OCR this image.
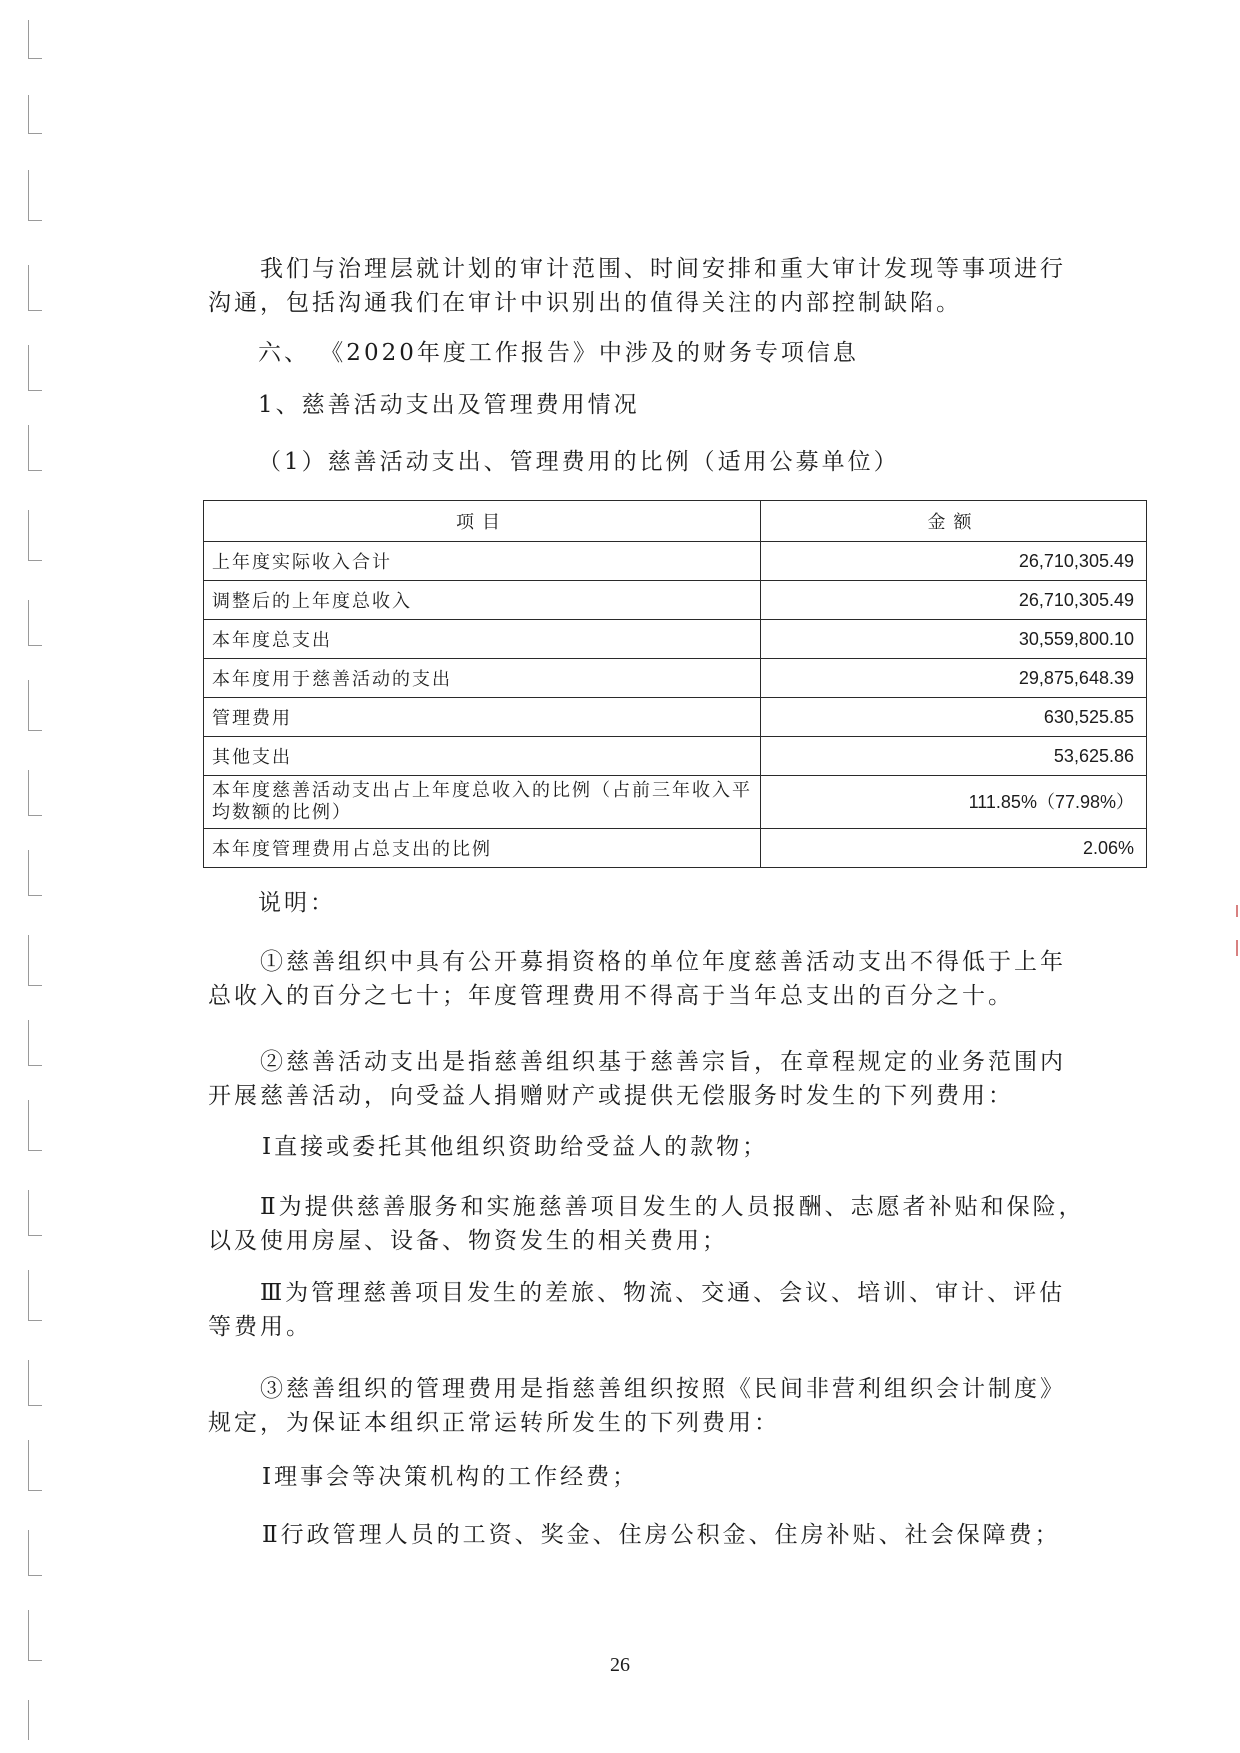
我们与治理层就计划的审计范围、时间安排和重大审计发现等事项进行沟通，包括沟通我们在审计中识别出的值得关注的内部控制缺陷。

六、 《2020年度工作报告》中涉及的财务专项信息
1、慈善活动支出及管理费用情况
（1）慈善活动支出、管理费用的比例（适用公募单位）
项目	金额
上年度实际收入合计	26,710,305.49
调整后的上年度总收入	26,710,305.49
本年度总支出	30,559,800.10
本年度用于慈善活动的支出	29,875,648.39
管理费用	630,525.85
其他支出	53,625.86
本年度慈善活动支出占上年度总收入的比例（占前三年收入平均数额的比例）	111.85%（77.98%）
本年度管理费用占总支出的比例	2.06%
说明：

①慈善组织中具有公开募捐资格的单位年度慈善活动支出不得低于上年总收入的百分之七十；年度管理费用不得高于当年总支出的百分之十。

②慈善活动支出是指慈善组织基于慈善宗旨，在章程规定的业务范围内开展慈善活动，向受益人捐赠财产或提供无偿服务时发生的下列费用：

Ⅰ直接或委托其他组织资助给受益人的款物；

Ⅱ为提供慈善服务和实施慈善项目发生的人员报酬、志愿者补贴和保险，以及使用房屋、设备、物资发生的相关费用；

Ⅲ为管理慈善项目发生的差旅、物流、交通、会议、培训、审计、评估等费用。

③慈善组织的管理费用是指慈善组织按照《民间非营利组织会计制度》规定，为保证本组织正常运转所发生的下列费用：

Ⅰ理事会等决策机构的工作经费；
Ⅱ行政管理人员的工资、奖金、住房公积金、住房补贴、社会保障费；
26
